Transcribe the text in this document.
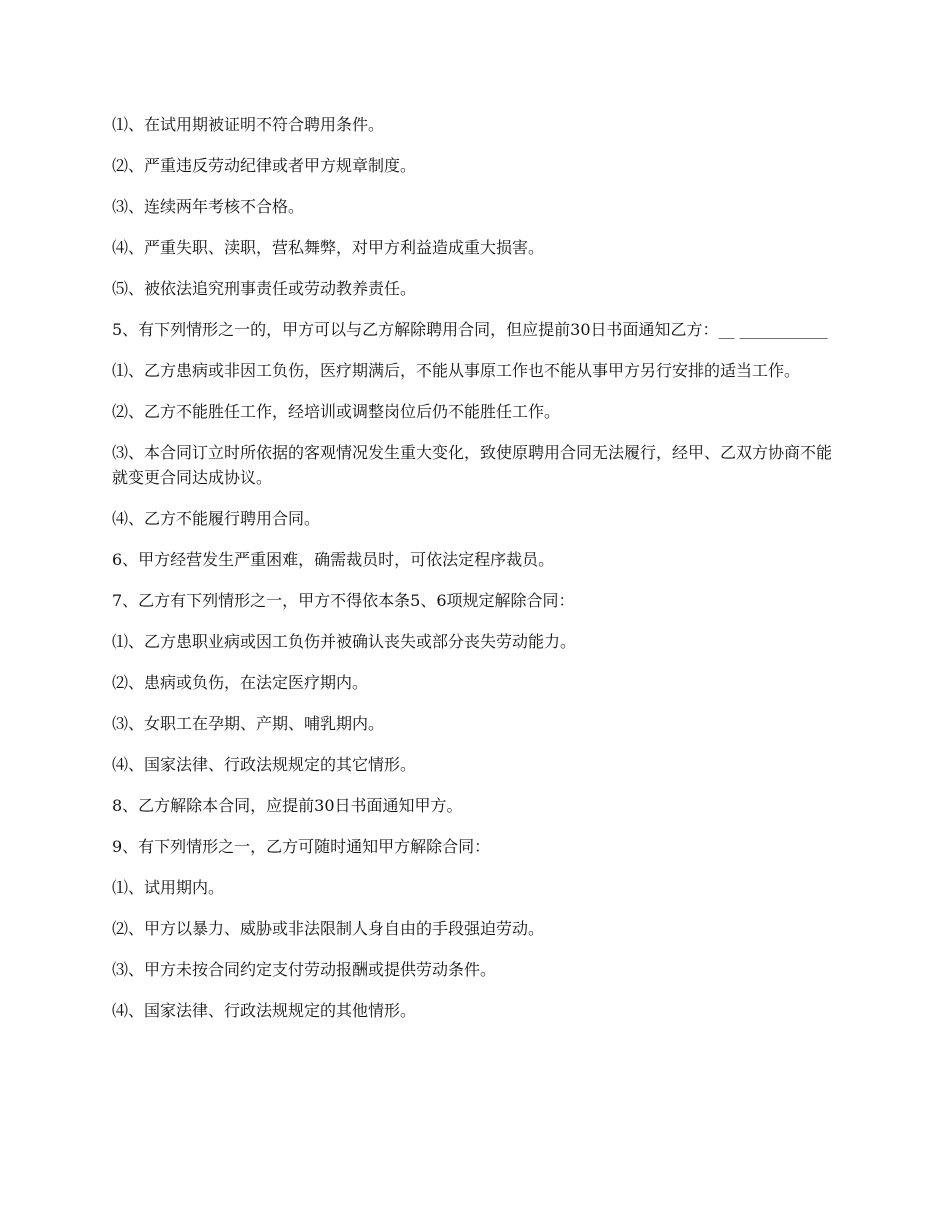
⑴、在试用期被证明不符合聘用条件。

⑵、严重违反劳动纪律或者甲方规章制度。

⑶、连续两年考核不合格。

⑷、严重失职、渎职，营私舞弊，对甲方利益造成重大损害。

⑸、被依法追究刑事责任或劳动教养责任。

5、有下列情形之一的，甲方可以与乙方解除聘用合同，但应提前30日书面通知乙方：__ ___________

⑴、乙方患病或非因工负伤，医疗期满后，不能从事原工作也不能从事甲方另行安排的适当工作。

⑵、乙方不能胜任工作，经培训或调整岗位后仍不能胜任工作。

⑶、本合同订立时所依据的客观情况发生重大变化，致使原聘用合同无法履行，经甲、乙双方协商不能就变更合同达成协议。

⑷、乙方不能履行聘用合同。

6、甲方经营发生严重困难，确需裁员时，可依法定程序裁员。

7、乙方有下列情形之一，甲方不得依本条5、6项规定解除合同：

⑴、乙方患职业病或因工负伤并被确认丧失或部分丧失劳动能力。

⑵、患病或负伤，在法定医疗期内。

⑶、女职工在孕期、产期、哺乳期内。

⑷、国家法律、行政法规规定的其它情形。

8、乙方解除本合同，应提前30日书面通知甲方。

9、有下列情形之一，乙方可随时通知甲方解除合同：

⑴、试用期内。

⑵、甲方以暴力、威胁或非法限制人身自由的手段强迫劳动。

⑶、甲方未按合同约定支付劳动报酬或提供劳动条件。

⑷、国家法律、行政法规规定的其他情形。
